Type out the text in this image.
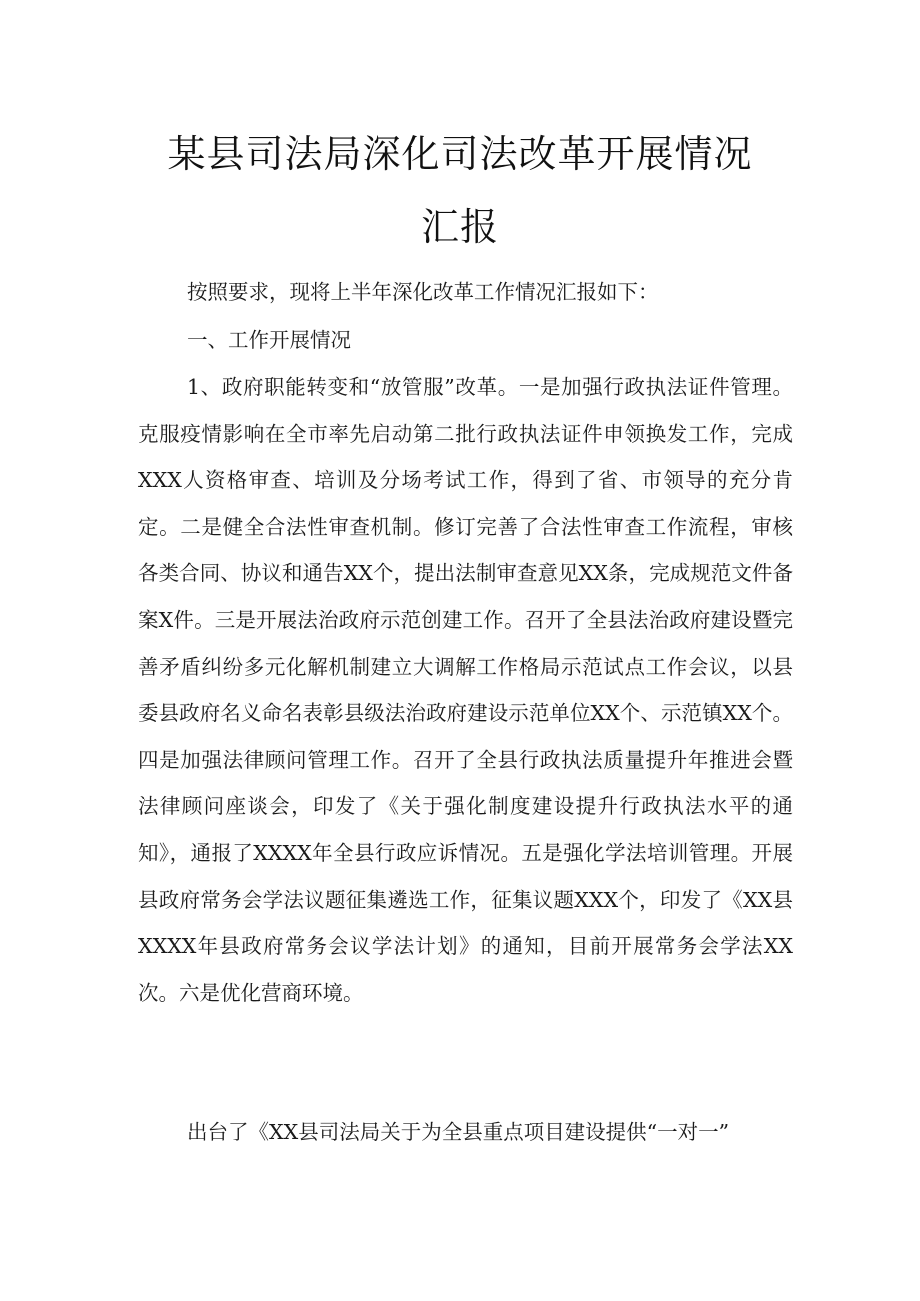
某县司法局深化司法改革开展情况
汇报

按照要求，现将上半年深化改革工作情况汇报如下：

一、工作开展情况

1、政府职能转变和“放管服”改革。一是加强行政执法证件管理。克服疫情影响在全市率先启动第二批行政执法证件申领换发工作，完成XXX人资格审查、培训及分场考试工作，得到了省、市领导的充分肯定。二是健全合法性审查机制。修订完善了合法性审查工作流程，审核各类合同、协议和通告XX个，提出法制审查意见XX条，完成规范文件备案X件。三是开展法治政府示范创建工作。召开了全县法治政府建设暨完善矛盾纠纷多元化解机制建立大调解工作格局示范试点工作会议，以县委县政府名义命名表彰县级法治政府建设示范单位XX个、示范镇XX个。四是加强法律顾问管理工作。召开了全县行政执法质量提升年推进会暨法律顾问座谈会，印发了《关于强化制度建设提升行政执法水平的通知》，通报了XXXX年全县行政应诉情况。五是强化学法培训管理。开展县政府常务会学法议题征集遴选工作，征集议题XXX个，印发了《XX县XXXX年县政府常务会议学法计划》的通知，目前开展常务会学法XX次。六是优化营商环境。

出台了《XX县司法局关于为全县重点项目建设提供“一对一”
